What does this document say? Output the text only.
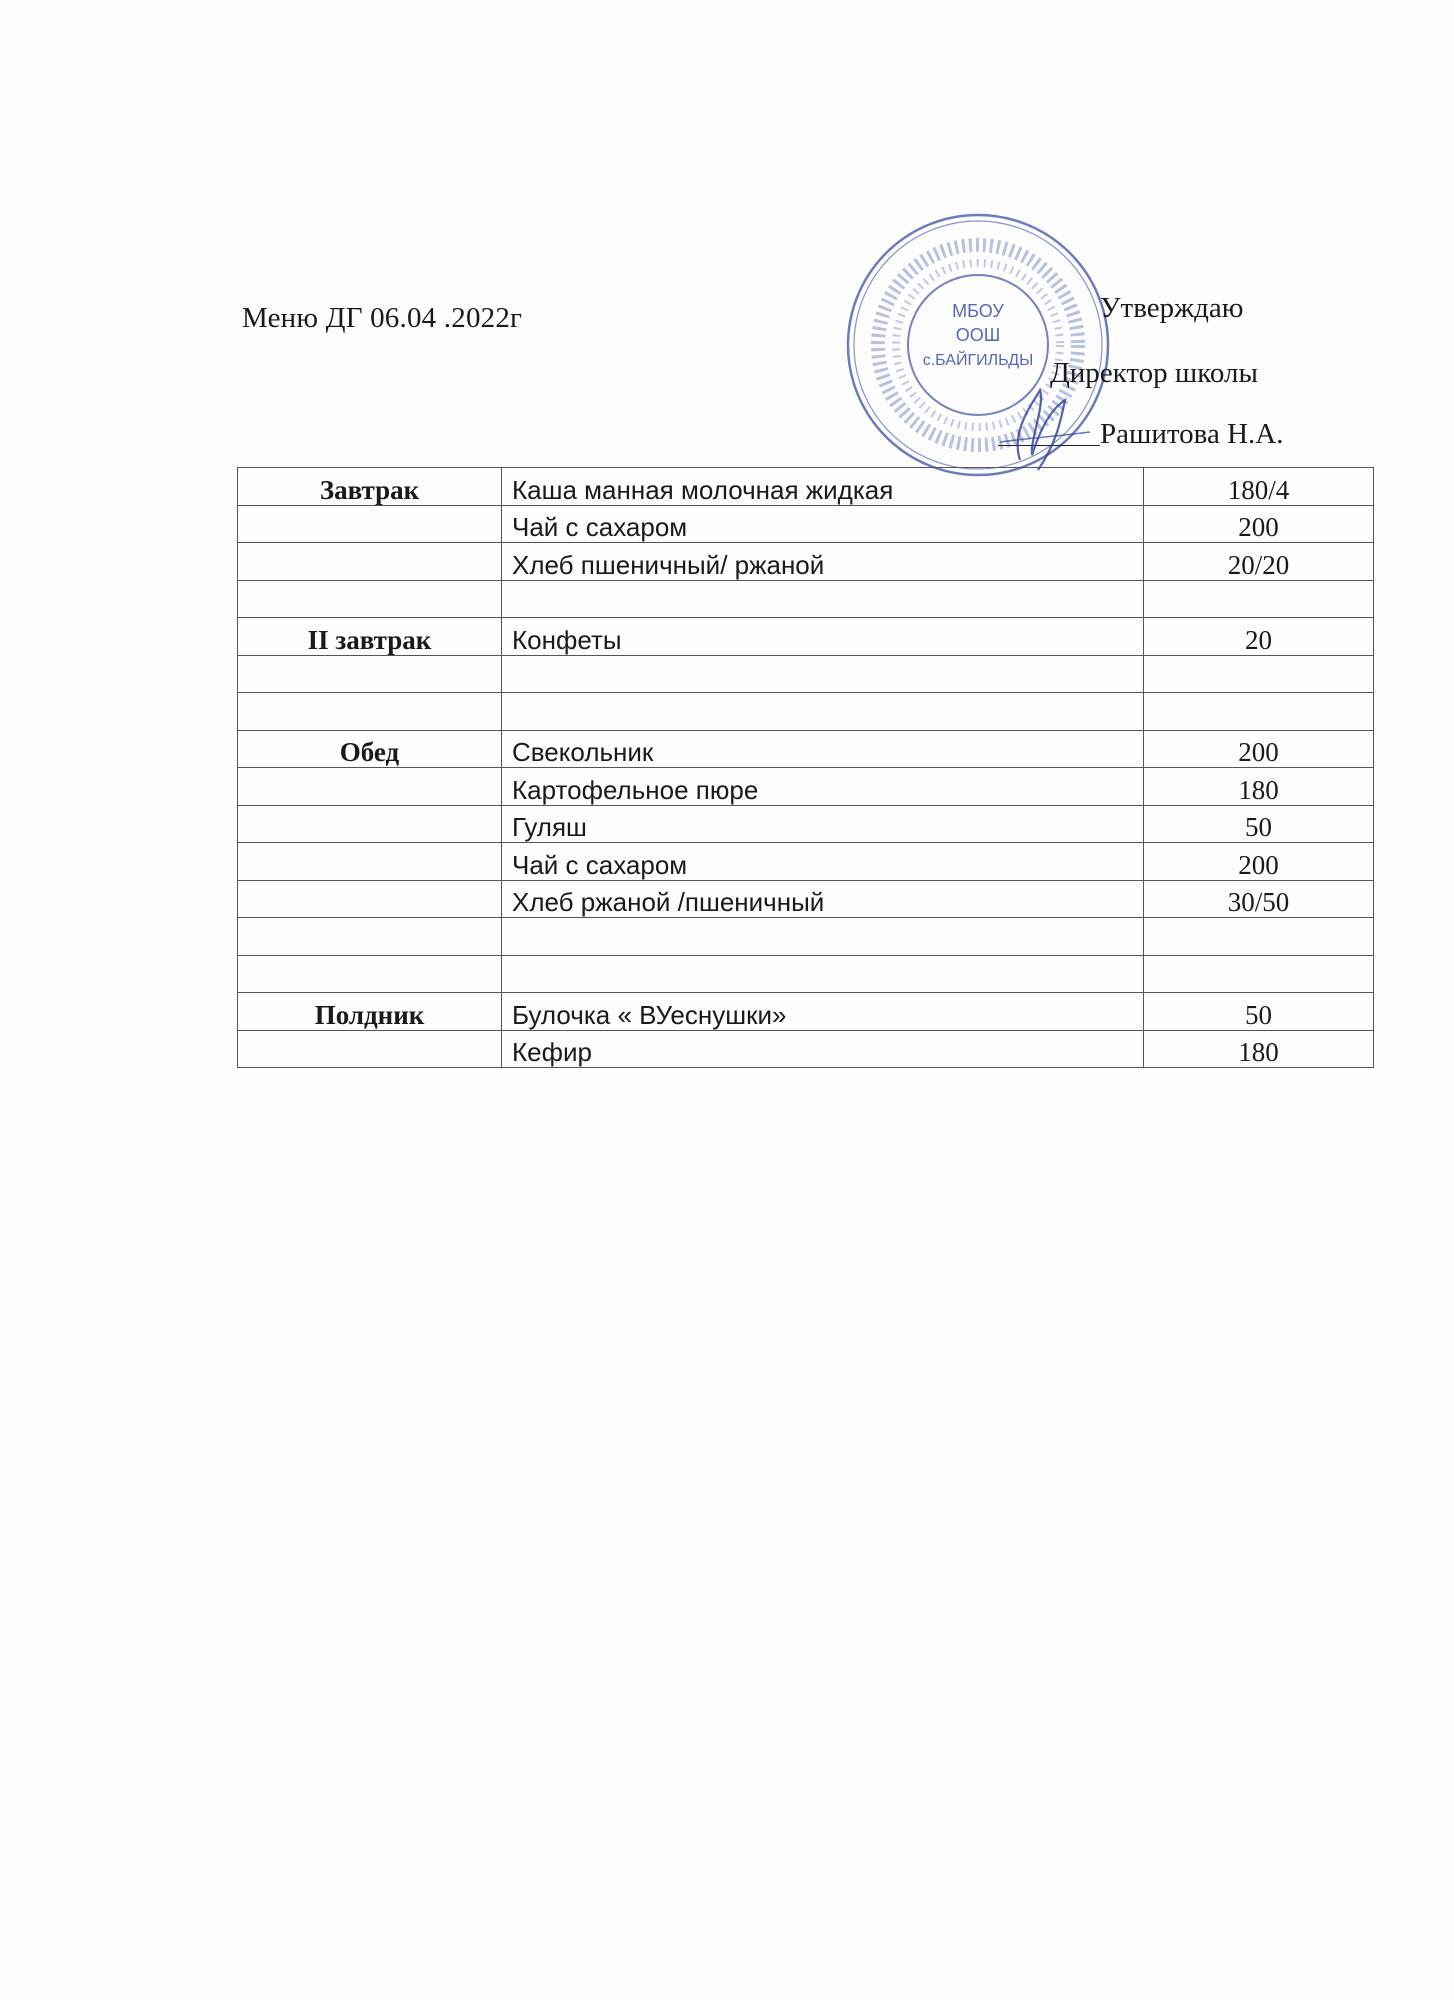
Меню ДГ 06.04 .2022г	МБОУ
ООШ
с.БАЙГИЛЬДЫ
Утверждаю
Директор школы
Рашитова Н.А.
Завтрак	Каша манная молочная жидкая	180/4
	Чай с сахаром	200
	Хлеб пшеничный/ ржаной	20/20

II завтрак	Конфеты	20

Обед	Свекольник	200
	Картофельное пюре	180
	Гуляш	50
	Чай с сахаром	200
	Хлеб ржаной /пшеничный	30/50

Полдник	Булочка « ВУеснушки»	50
	Кефир	180
